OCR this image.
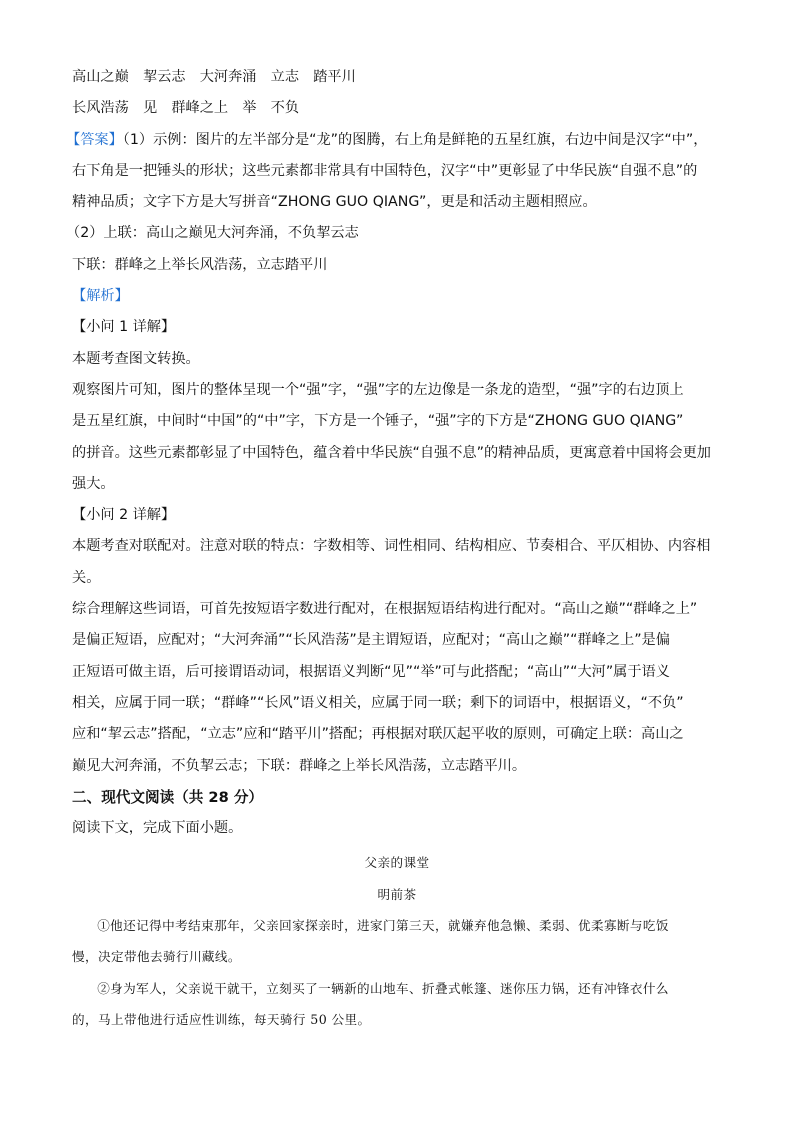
高山之巅　挈云志　大河奔涌　立志　踏平川
长风浩荡　见　群峰之上　举　不负
【答案】（1）示例：图片的左半部分是“龙”的图腾，右上角是鲜艳的五星红旗，右边中间是汉字“中”，
右下角是一把锤头的形状；这些元素都非常具有中国特色，汉字“中”更彰显了中华民族“自强不息”的
精神品质；文字下方是大写拼音“ZHONG GUO QIANG”，更是和活动主题相照应。
（2）上联：高山之巅见大河奔涌，不负挈云志
下联：群峰之上举长风浩荡，立志踏平川
【解析】
【小问 1 详解】
本题考查图文转换。
观察图片可知，图片的整体呈现一个“强”字，“强”字的左边像是一条龙的造型，“强”字的右边顶上
是五星红旗，中间时“中国”的“中”字，下方是一个锤子，“强”字的下方是“ZHONG GUO QIANG”
的拼音。这些元素都彰显了中国特色，蕴含着中华民族“自强不息”的精神品质，更寓意着中国将会更加
强大。
【小问 2 详解】
本题考查对联配对。注意对联的特点：字数相等、词性相同、结构相应、节奏相合、平仄相协、内容相
关。
综合理解这些词语，可首先按短语字数进行配对，在根据短语结构进行配对。“高山之巅”“群峰之上”
是偏正短语，应配对；“大河奔涌”“长风浩荡”是主谓短语，应配对；“高山之巅”“群峰之上”是偏
正短语可做主语，后可接谓语动词，根据语义判断“见”“举”可与此搭配；“高山”“大河”属于语义
相关，应属于同一联；“群峰”“长风”语义相关，应属于同一联；剩下的词语中，根据语义，“不负”
应和“挈云志”搭配，“立志”应和“踏平川”搭配；再根据对联仄起平收的原则，可确定上联：高山之
巅见大河奔涌，不负挈云志；下联：群峰之上举长风浩荡，立志踏平川。
二、现代文阅读（共 28 分）
阅读下文，完成下面小题。
父亲的课堂
明前茶
①他还记得中考结束那年，父亲回家探亲时，进家门第三天，就嫌弃他急懒、柔弱、优柔寡断与吃饭
慢，决定带他去骑行川藏线。
②身为军人，父亲说干就干，立刻买了一辆新的山地车、折叠式帐篷、迷你压力锅，还有冲锋衣什么
的，马上带他进行适应性训练，每天骑行 50 公里。
